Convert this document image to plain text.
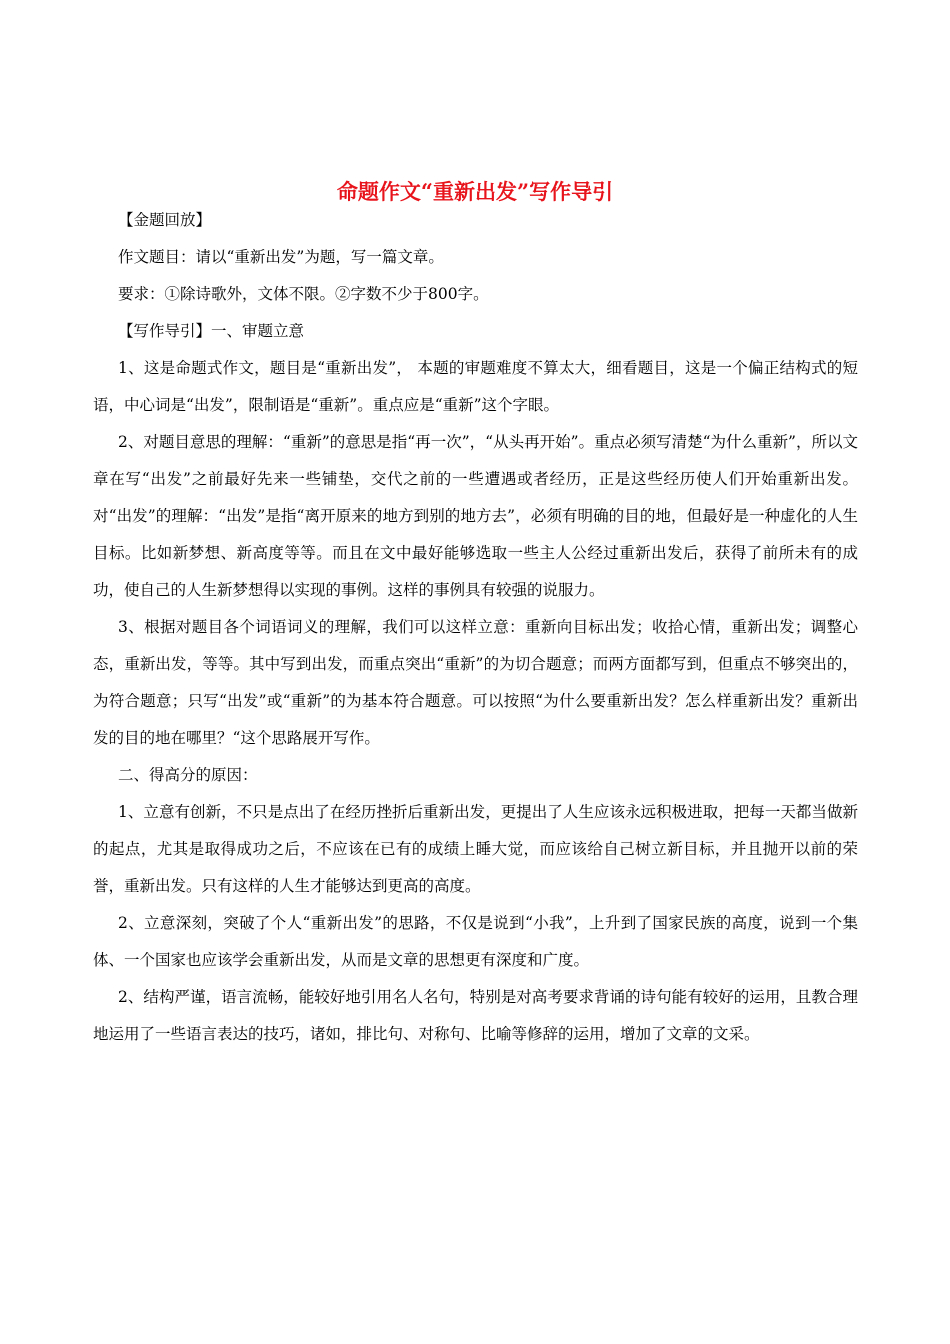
命题作文“重新出发”写作导引

【金题回放】

作文题目：请以“重新出发”为题，写一篇文章。

要求：①除诗歌外，文体不限。②字数不少于800字。

【写作导引】一、审题立意

1、这是命题式作文，题目是“重新出发”， 本题的审题难度不算太大，细看题目，这是一个偏正结构式的短语，中心词是“出发”，限制语是“重新”。重点应是“重新”这个字眼。

2、对题目意思的理解：“重新”的意思是指“再一次”，“从头再开始”。重点必须写清楚“为什么重新”，所以文章在写“出发”之前最好先来一些铺垫，交代之前的一些遭遇或者经历，正是这些经历使人们开始重新出发。对“出发”的理解：“出发”是指“离开原来的地方到别的地方去”，必须有明确的目的地，但最好是一种虚化的人生目标。比如新梦想、新高度等等。而且在文中最好能够选取一些主人公经过重新出发后，获得了前所未有的成功，使自己的人生新梦想得以实现的事例。这样的事例具有较强的说服力。

3、根据对题目各个词语词义的理解，我们可以这样立意：重新向目标出发；收拾心情，重新出发；调整心态，重新出发，等等。其中写到出发，而重点突出“重新”的为切合题意；而两方面都写到，但重点不够突出的，为符合题意；只写“出发”或“重新”的为基本符合题意。可以按照“为什么要重新出发？怎么样重新出发？重新出发的目的地在哪里？“这个思路展开写作。

二、得高分的原因：

1、立意有创新，不只是点出了在经历挫折后重新出发，更提出了人生应该永远积极进取，把每一天都当做新的起点，尤其是取得成功之后，不应该在已有的成绩上睡大觉，而应该给自己树立新目标，并且抛开以前的荣誉，重新出发。只有这样的人生才能够达到更高的高度。

2、立意深刻，突破了个人“重新出发”的思路，不仅是说到“小我”，上升到了国家民族的高度，说到一个集体、一个国家也应该学会重新出发，从而是文章的思想更有深度和广度。

2、结构严谨，语言流畅，能较好地引用名人名句，特别是对高考要求背诵的诗句能有较好的运用，且教合理地运用了一些语言表达的技巧，诸如，排比句、对称句、比喻等修辞的运用，增加了文章的文采。
